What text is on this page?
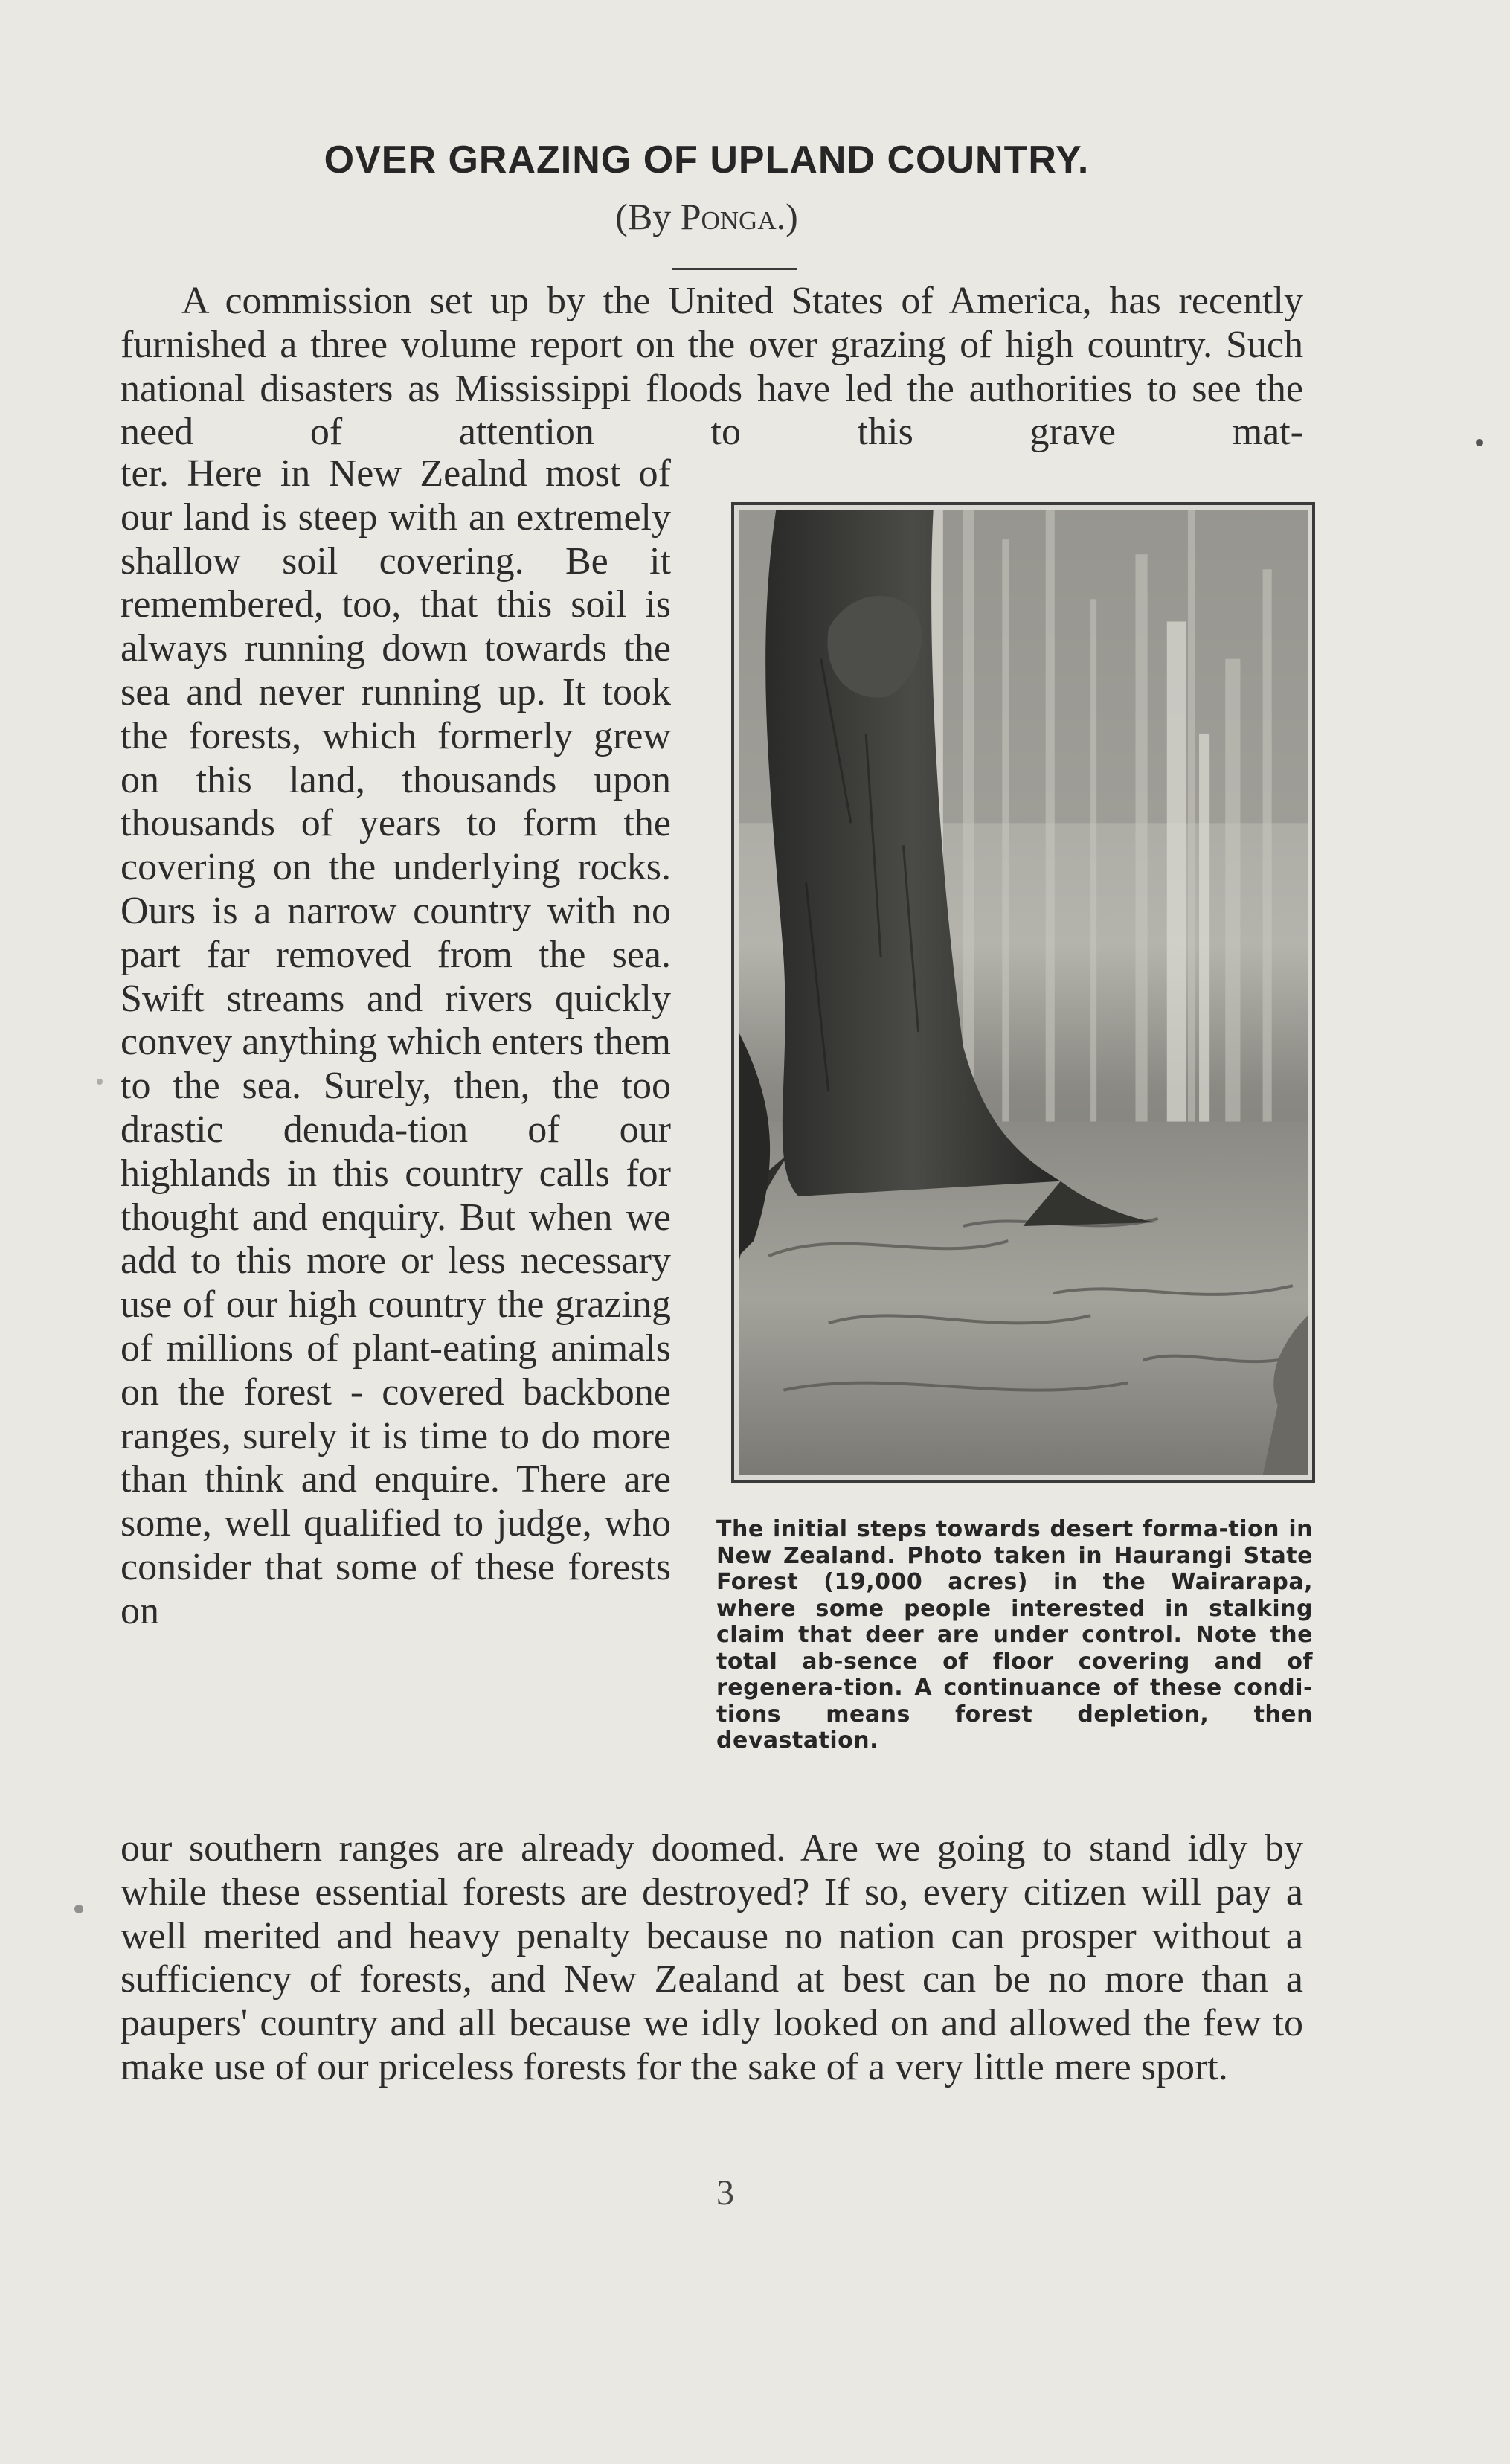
OVER GRAZING OF UPLAND COUNTRY.
(By Ponga.)
A commission set up by the United States of America, has recently furnished a three volume report on the over grazing of high country. Such national disasters as Mississippi floods have led the authorities to see the need of attention to this grave mat-
ter. Here in New Zealnd most of our land is steep with an extremely shallow soil covering. Be it remembered, too, that this soil is always running down towards the sea and never running up. It took the forests, which formerly grew on this land, thousands upon thousands of years to form the covering on the underlying rocks. Ours is a narrow country with no part far removed from the sea. Swift streams and rivers quickly convey anything which enters them to the sea. Surely, then, the too drastic denuda-tion of our highlands in this country calls for thought and enquiry. But when we add to this more or less necessary use of our high country the grazing of millions of plant-eating animals on the forest - covered backbone ranges, surely it is time to do more than think and enquire. There are some, well qualified to judge, who consider that some of these forests on
The initial steps towards desert forma-tion in New Zealand. Photo taken in Haurangi State Forest (19,000 acres) in the Wairarapa, where some people interested in stalking claim that deer are under control. Note the total ab-sence of floor covering and of regenera-tion. A continuance of these condi-tions means forest depletion, then devastation.
our southern ranges are already doomed. Are we going to stand idly by while these essential forests are destroyed? If so, every citizen will pay a well merited and heavy penalty because no nation can prosper without a sufficiency of forests, and New Zealand at best can be no more than a paupers' country and all because we idly looked on and allowed the few to make use of our priceless forests for the sake of a very little mere sport.
3
